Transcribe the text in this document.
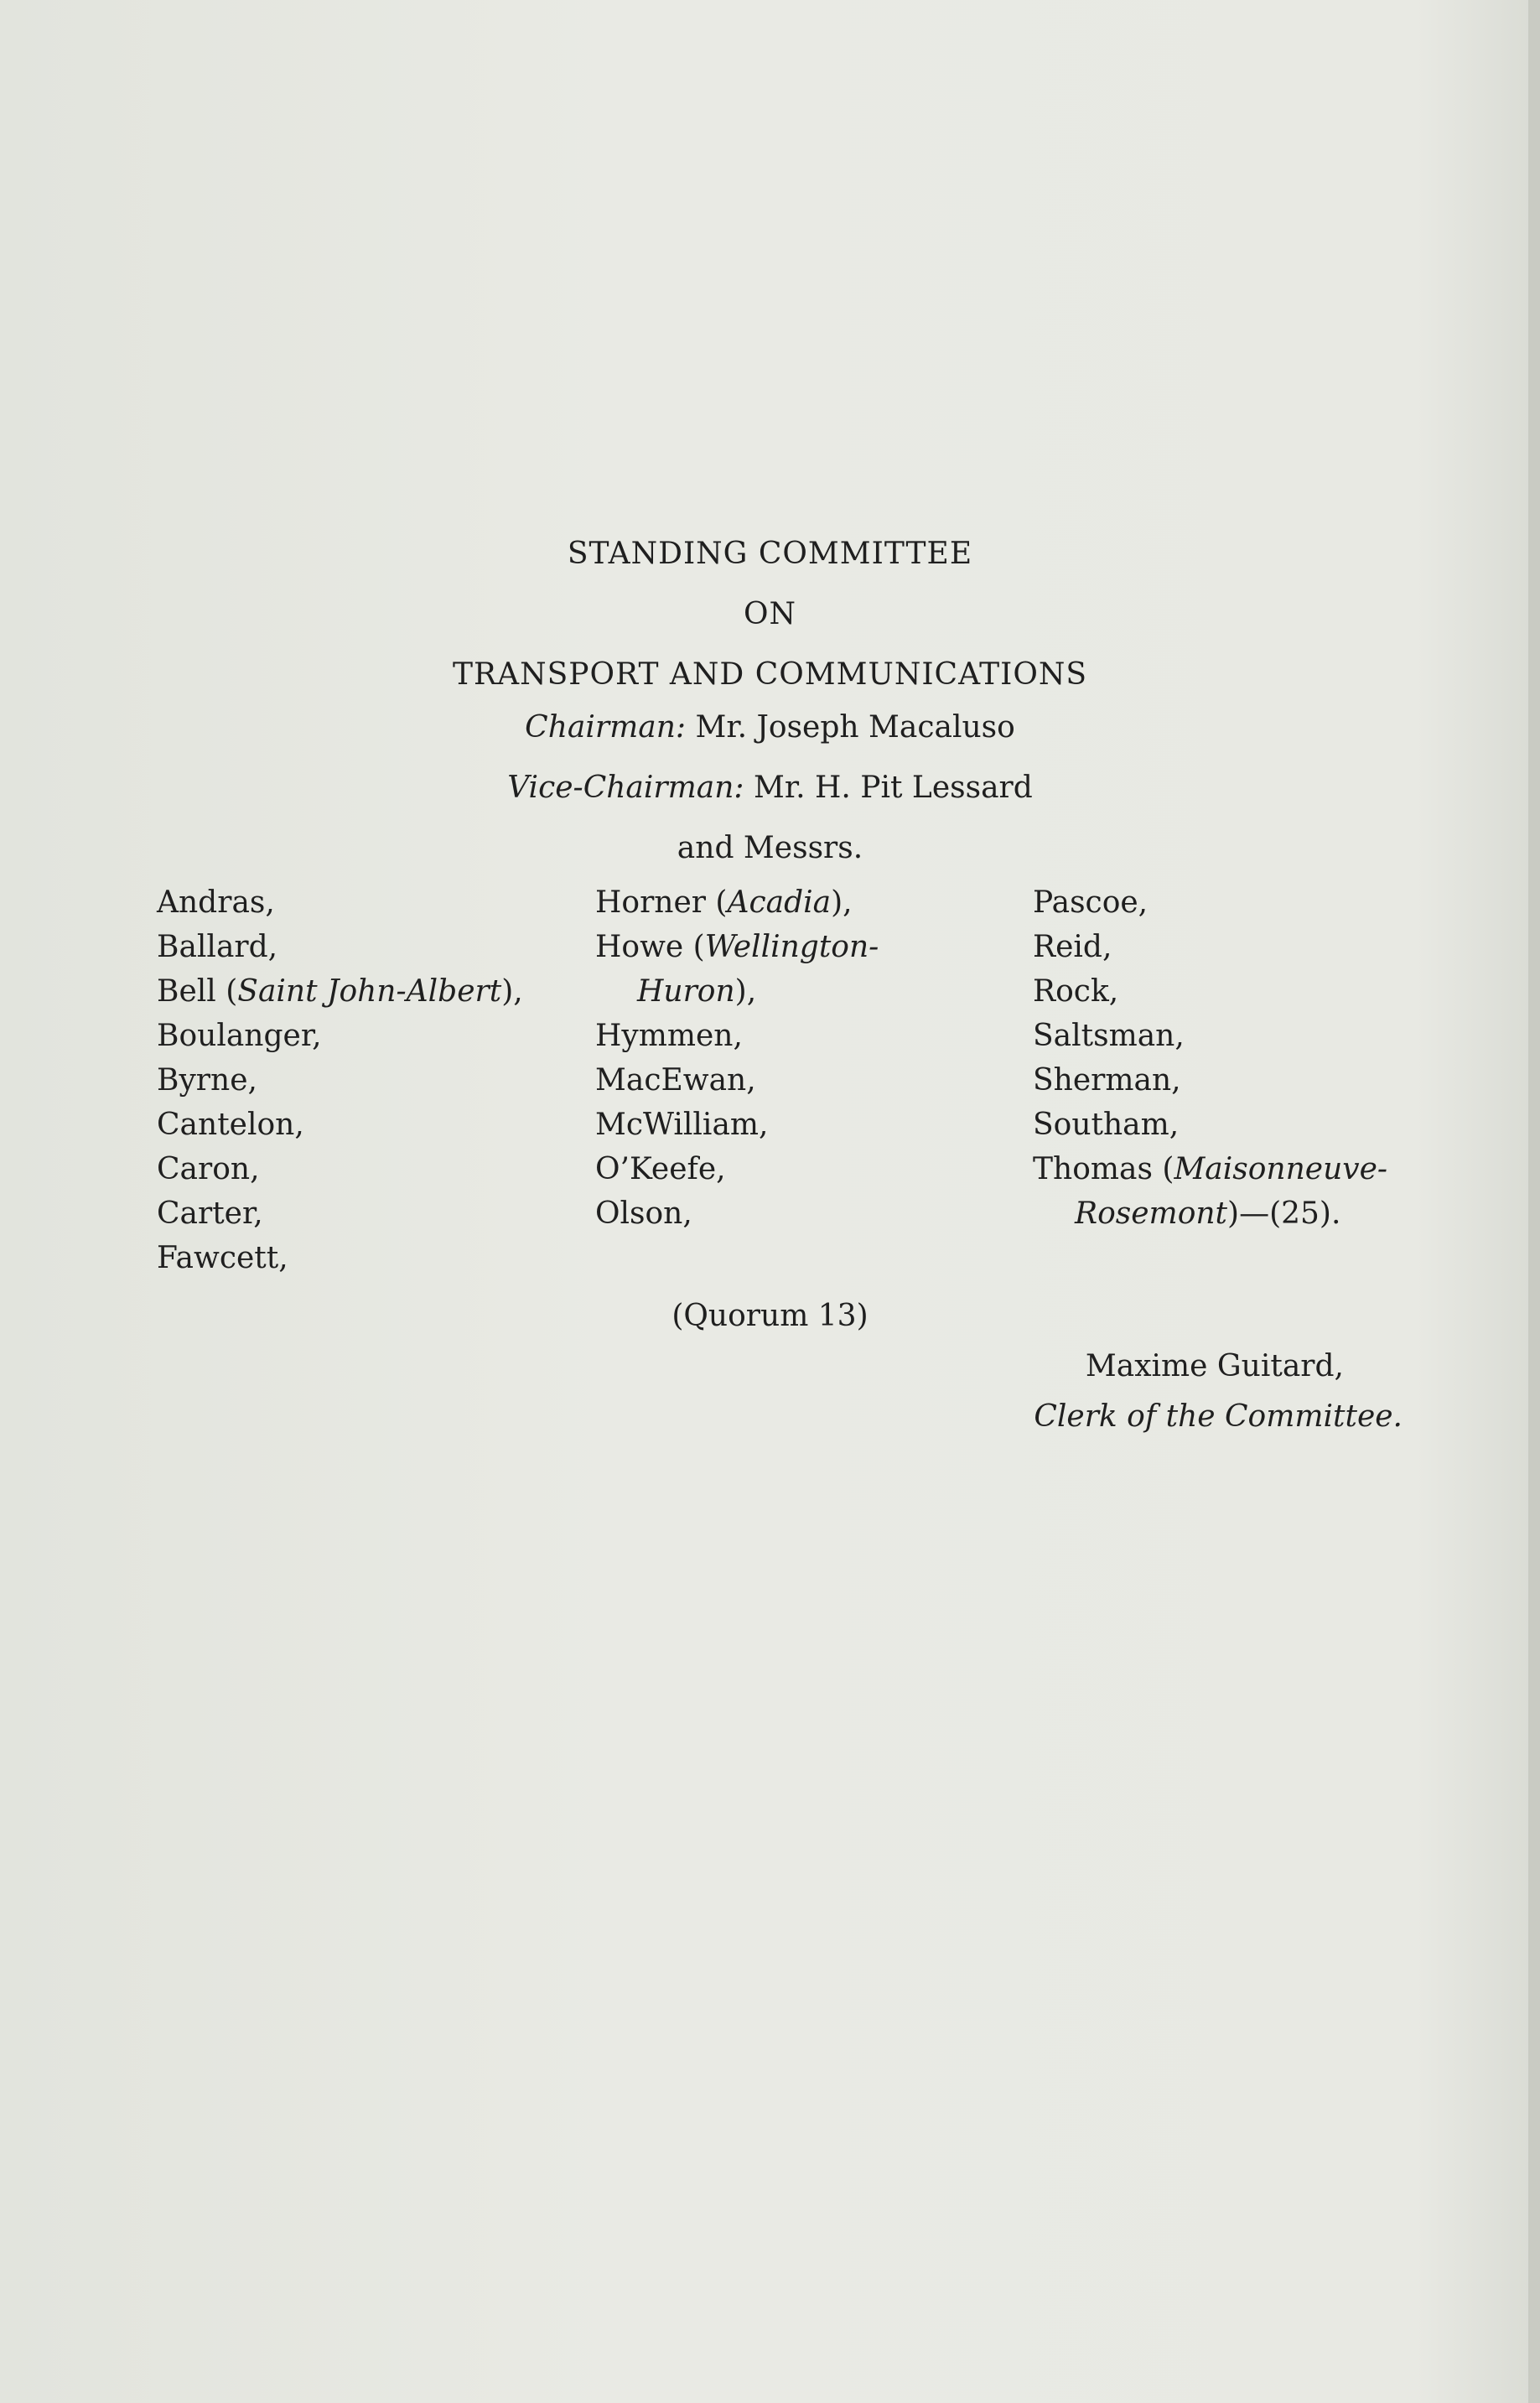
STANDING COMMITTEE
ON
TRANSPORT AND COMMUNICATIONS
Chairman: Mr. Joseph Macaluso
Vice-Chairman: Mr. H. Pit Lessard
and Messrs.
Andras,
Ballard,
Bell (Saint John-Albert),
Boulanger,
Byrne,
Cantelon,
Caron,
Carter,
Fawcett,
Horner (Acadia),
Howe (Wellington-
Huron),
Hymmen,
MacEwan,
McWilliam,
O’Keefe,
Olson,
Pascoe,
Reid,
Rock,
Saltsman,
Sherman,
Southam,
Thomas (Maisonneuve-
Rosemont)—(25).
(Quorum 13)
Maxime Guitard,
Clerk of the Committee.
